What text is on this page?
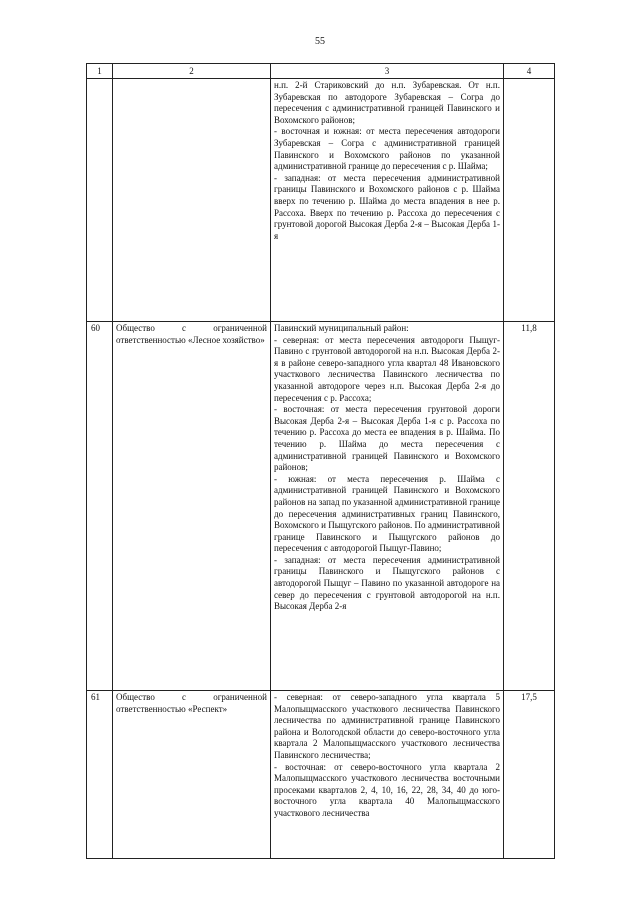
55
1	2	3	4

		н.п. 2-й Стариковский до н.п. Зубаревская. От н.п. Зубаревская по автодороге Зубаревская – Согра до пересечения с административной границей Павинского и Вохомского районов;
- восточная и южная: от места пересечения автодороги Зубаревская – Согра с административной границей Павинского и Вохомского районов по указанной административной границе до пересечения с р. Шайма;
- западная: от места пересечения административной границы Павинского и Вохомского районов с р. Шайма вверх по течению р. Шайма до места впадения в нее р. Рассоха. Вверх по течению р. Рассоха до пересечения с грунтовой дорогой Высокая Дерба 2-я – Высокая Дерба 1-я	

60	Общество с ограниченной ответственностью «Лесное хозяйство»	Павинский муниципальный район:
- северная: от места пересечения автодороги Пыщуг-Павино с грунтовой автодорогой на н.п. Высокая Дерба 2-я в районе северо-западного угла квартал 48 Ивановского участкового лесничества Павинского лесничества по указанной автодороге через н.п. Высокая Дерба 2-я до пересечения с р. Рассоха;
- восточная: от места пересечения грунтовой дороги Высокая Дерба 2-я – Высокая Дерба 1-я с р. Рассоха по течению р. Рассоха до места ее впадения в р. Шайма. По течению р. Шайма до места пересечения с административной границей Павинского и Вохомского районов;
- южная: от места пересечения р. Шайма с административной границей Павинского и Вохомского районов на запад по указанной административной границе до пересечения административных границ Павинского, Вохомского и Пыщугского районов. По административной границе Павинского и Пыщугского районов до пересечения с автодорогой Пыщуг-Павино;
- западная: от места пересечения административной границы Павинского и Пыщугского районов с автодорогой Пыщуг – Павино по указанной автодороге на север до пересечения с грунтовой автодорогой на н.п. Высокая Дерба 2-я	11,8
61	Общество с ограниченной ответственностью «Респект»	- северная: от северо-западного угла квартала 5 Малопыщмасского участкового лесничества Павинского лесничества по административной границе Павинского района и Вологодской области до северо-восточного угла квартала 2 Малопыщмасского участкового лесничества Павинского лесничества;
- восточная: от северо-восточного угла квартала 2 Малопыщмасского участкового лесничества восточными просеками кварталов 2, 4, 10, 16, 22, 28, 34, 40 до юго-восточного угла квартала 40 Малопыщмасского участкового лесничества	17,5
